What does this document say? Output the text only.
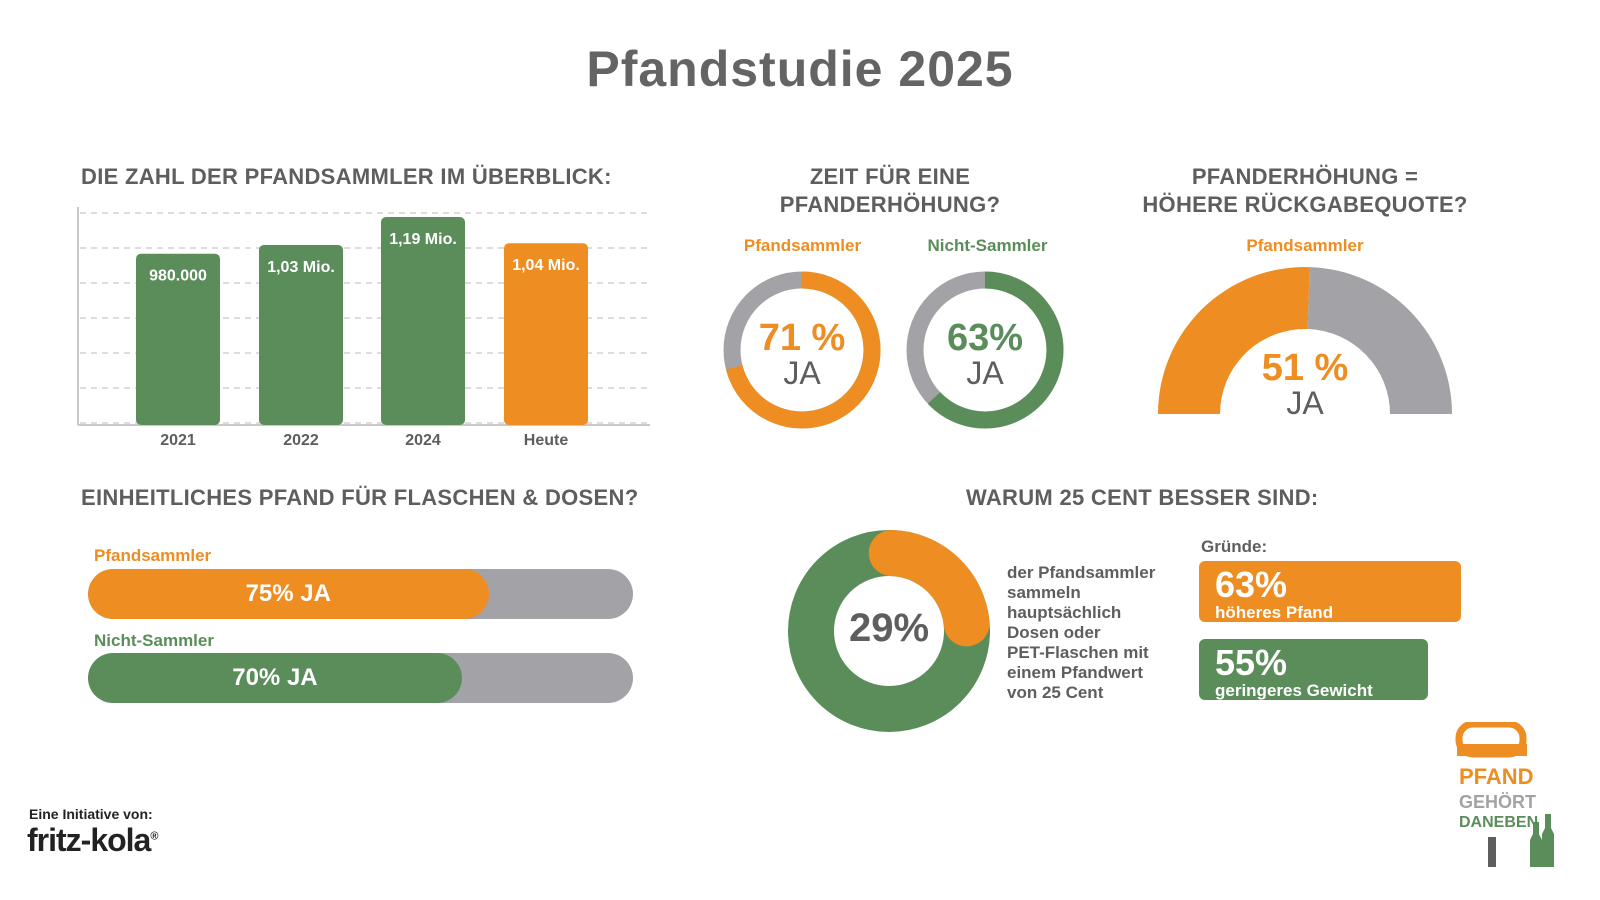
Pfandstudie 2025
DIE ZAHL DER PFANDSAMMLER IM ÜBERBLICK:
980.000
2021
1,03 Mio.
2022
1,19 Mio.
2024
1,04 Mio.
Heute
ZEIT FÜR EINE
PFANDERHÖHUNG?
Pfandsammler	Nicht-Sammler
71 %
JA
63%
JA
PFANDERHÖHUNG =
HÖHERE RÜCKGABEQUOTE?
Pfandsammler
51 %
JA
EINHEITLICHES PFAND FÜR FLASCHEN & DOSEN?
Pfandsammler
75% JA
Nicht-Sammler
70% JA
WARUM 25 CENT BESSER SIND:
29%
der Pfandsammler
sammeln
hauptsächlich
Dosen oder
PET-Flaschen mit
einem Pfandwert
von 25 Cent
Gründe:
63%
höheres Pfand
55%
geringeres Gewicht
Eine Initiative von:
fritz-kola®
PFAND
GEHÖRT
DANEBEN
